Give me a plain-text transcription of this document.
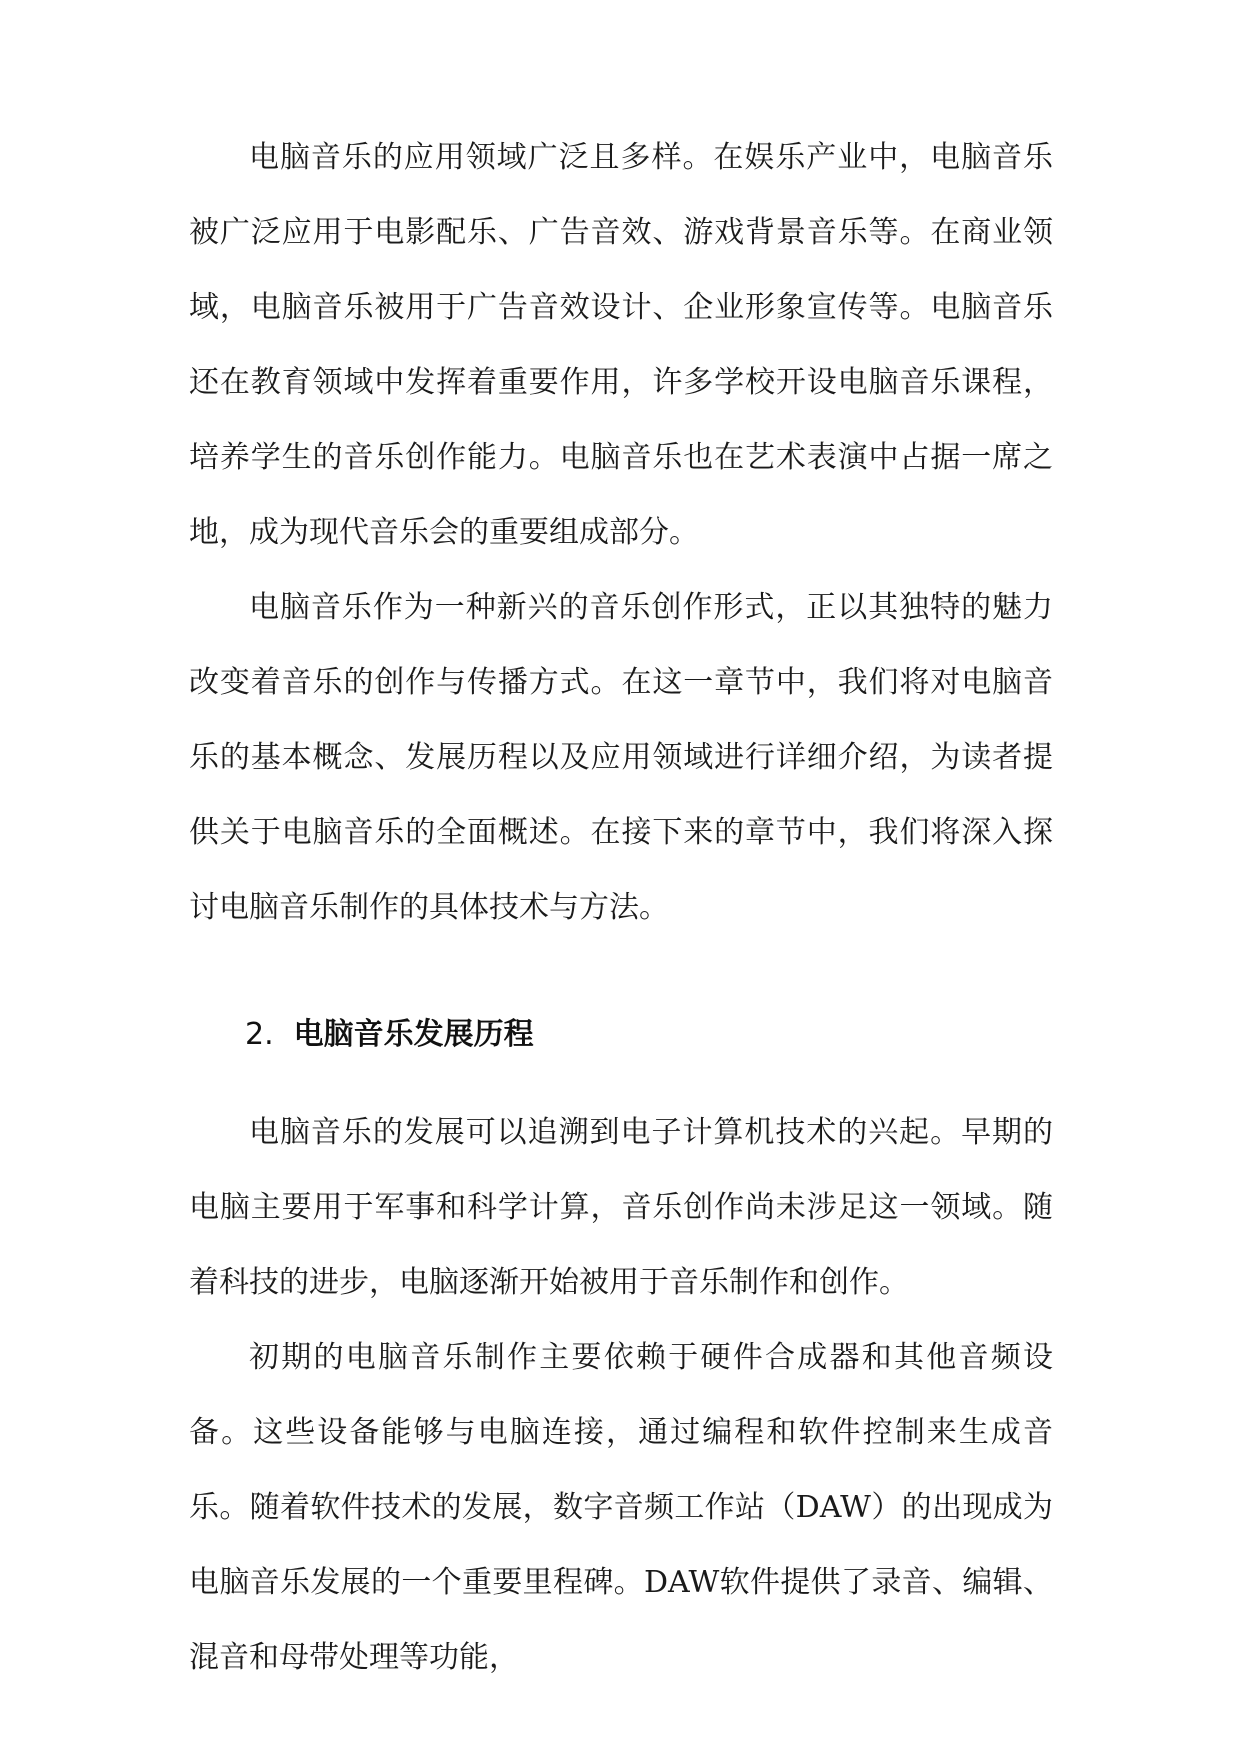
电脑音乐的应用领域广泛且多样。在娱乐产业中，电脑音乐被广泛应用于电影配乐、广告音效、游戏背景音乐等。在商业领域，电脑音乐被用于广告音效设计、企业形象宣传等。电脑音乐还在教育领域中发挥着重要作用，许多学校开设电脑音乐课程，培养学生的音乐创作能力。电脑音乐也在艺术表演中占据一席之地，成为现代音乐会的重要组成部分。

电脑音乐作为一种新兴的音乐创作形式，正以其独特的魅力改变着音乐的创作与传播方式。在这一章节中，我们将对电脑音乐的基本概念、发展历程以及应用领域进行详细介绍，为读者提供关于电脑音乐的全面概述。在接下来的章节中，我们将深入探讨电脑音乐制作的具体技术与方法。

2. 电脑音乐发展历程

电脑音乐的发展可以追溯到电子计算机技术的兴起。早期的电脑主要用于军事和科学计算，音乐创作尚未涉足这一领域。随着科技的进步，电脑逐渐开始被用于音乐制作和创作。

初期的电脑音乐制作主要依赖于硬件合成器和其他音频设备。这些设备能够与电脑连接，通过编程和软件控制来生成音乐。随着软件技术的发展，数字音频工作站（DAW）的出现成为电脑音乐发展的一个重要里程碑。DAW软件提供了录音、编辑、混音和母带处理等功能，
